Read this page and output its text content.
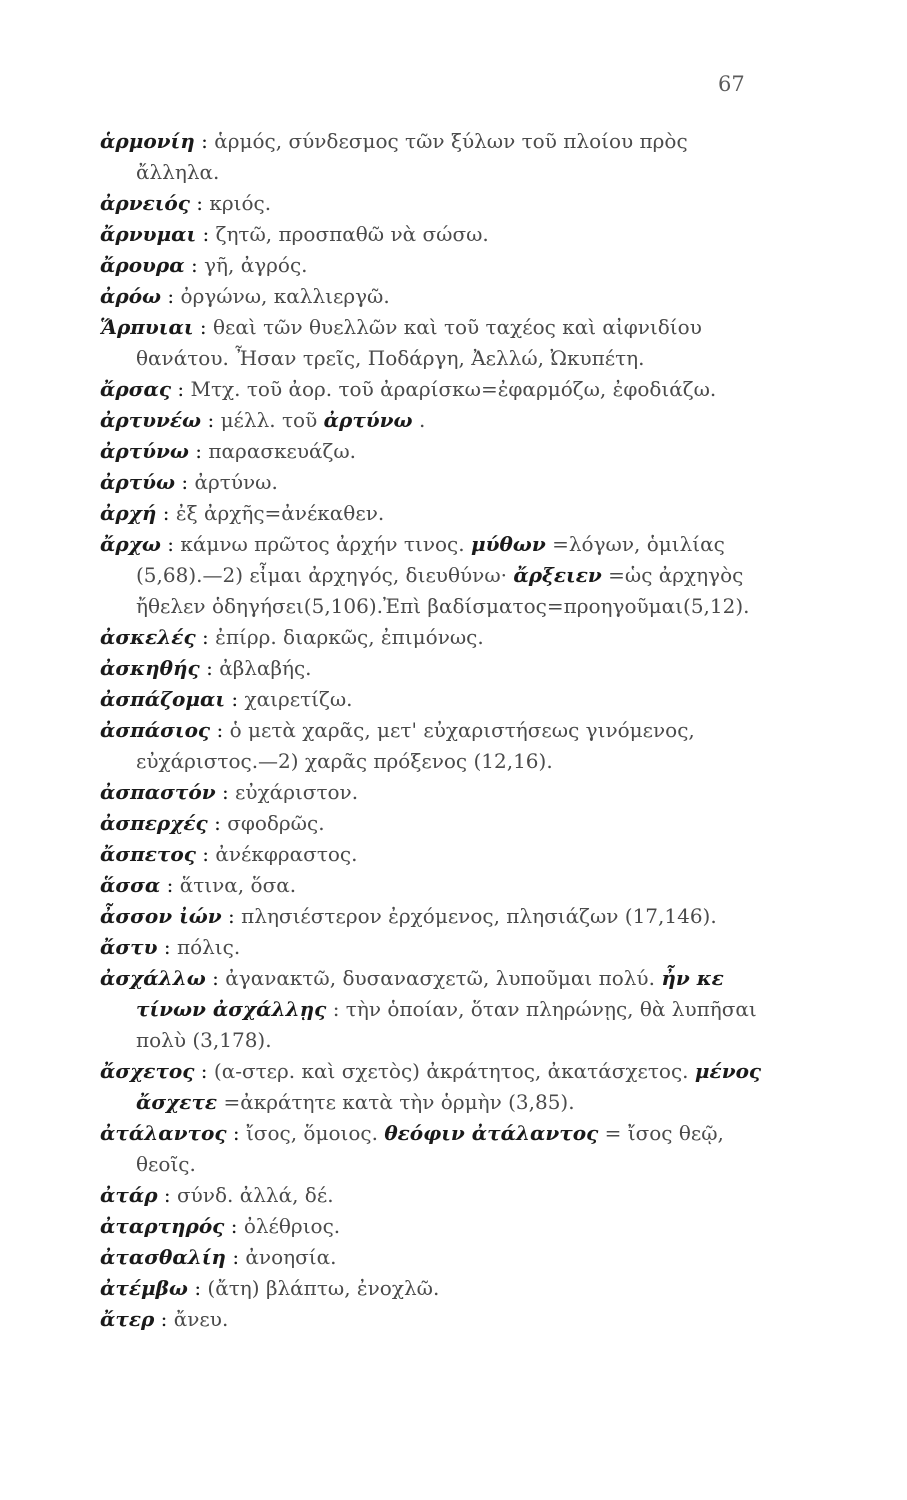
67
ἁρμονίη : ἁρμός, σύνδεσμος τῶν ξύλων τοῦ πλοίου πρὸς ἄλληλα.
ἀρνειός : κριός.
ἄρνυμαι : ζητῶ, προσπαθῶ νὰ σώσω.
ἄρουρα : γῆ, ἀγρός.
ἀρόω : ὀργώνω, καλλιεργῶ.
Ἅρπυιαι : θεαὶ τῶν θυελλῶν καὶ τοῦ ταχέος καὶ αἰφνιδίου θανάτου. Ἦσαν τρεῖς, Ποδάργη, Ἀελλώ, Ὠκυπέτη.
ἄρσας : Μτχ. τοῦ ἀορ. τοῦ ἀραρίσκω=ἐφαρμόζω, ἐφοδιάζω.
ἀρτυνέω : μέλλ. τοῦ ἀρτύνω .
ἀρτύνω : παρασκευάζω.
ἀρτύω : ἀρτύνω.
ἀρχή : ἐξ ἀρχῆς=ἀνέκαθεν.
ἄρχω : κάμνω πρῶτος ἀρχήν τινος. μύθων =λόγων, ὁμιλίας (5,68).—2) εἶμαι ἀρχηγός, διευθύνω· ἄρξειεν =ὡς ἀρχηγὸς ἤθελεν ὁδηγήσει(5,106).Ἐπὶ βαδίσματος=προηγοῦμαι(5,12).
ἀσκελές : ἐπίρρ. διαρκῶς, ἐπιμόνως.
ἀσκηθής : ἀβλαβής.
ἀσπάζομαι : χαιρετίζω.
ἀσπάσιος : ὁ μετὰ χαρᾶς, μετ' εὐχαριστήσεως γινόμενος, εὐχάριστος.—2) χαρᾶς πρόξενος (12,16).
ἀσπαστόν : εὐχάριστον.
ἀσπερχές : σφοδρῶς.
ἄσπετος : ἀνέκφραστος.
ἅσσα : ἅτινα, ὅσα.
ἆσσον ἰών : πλησιέστερον ἐρχόμενος, πλησιάζων (17,146).
ἄστυ : πόλις.
ἀσχάλλω : ἀγανακτῶ, δυσανασχετῶ, λυποῦμαι πολύ. ἦν κε τίνων ἀσχάλλῃς : τὴν ὁποίαν, ὅταν πληρώνῃς, θὰ λυπῆσαι πολὺ (3,178).
ἄσχετος : (α-στερ. καὶ σχετὸς) ἀκράτητος, ἀκατάσχετος. μένος ἄσχετε =ἀκράτητε κατὰ τὴν ὁρμὴν (3,85).
ἀτάλαντος : ἴσος, ὅμοιος. θεόφιν ἀτάλαντος = ἴσος θεῷ, θεοῖς.
ἀτάρ : σύνδ. ἀλλά, δέ.
ἀταρτηρός : ὀλέθριος.
ἀτασθαλίη : ἀνοησία.
ἀτέμβω : (ἄτη) βλάπτω, ἐνοχλῶ.
ἄτερ : ἄνευ.
